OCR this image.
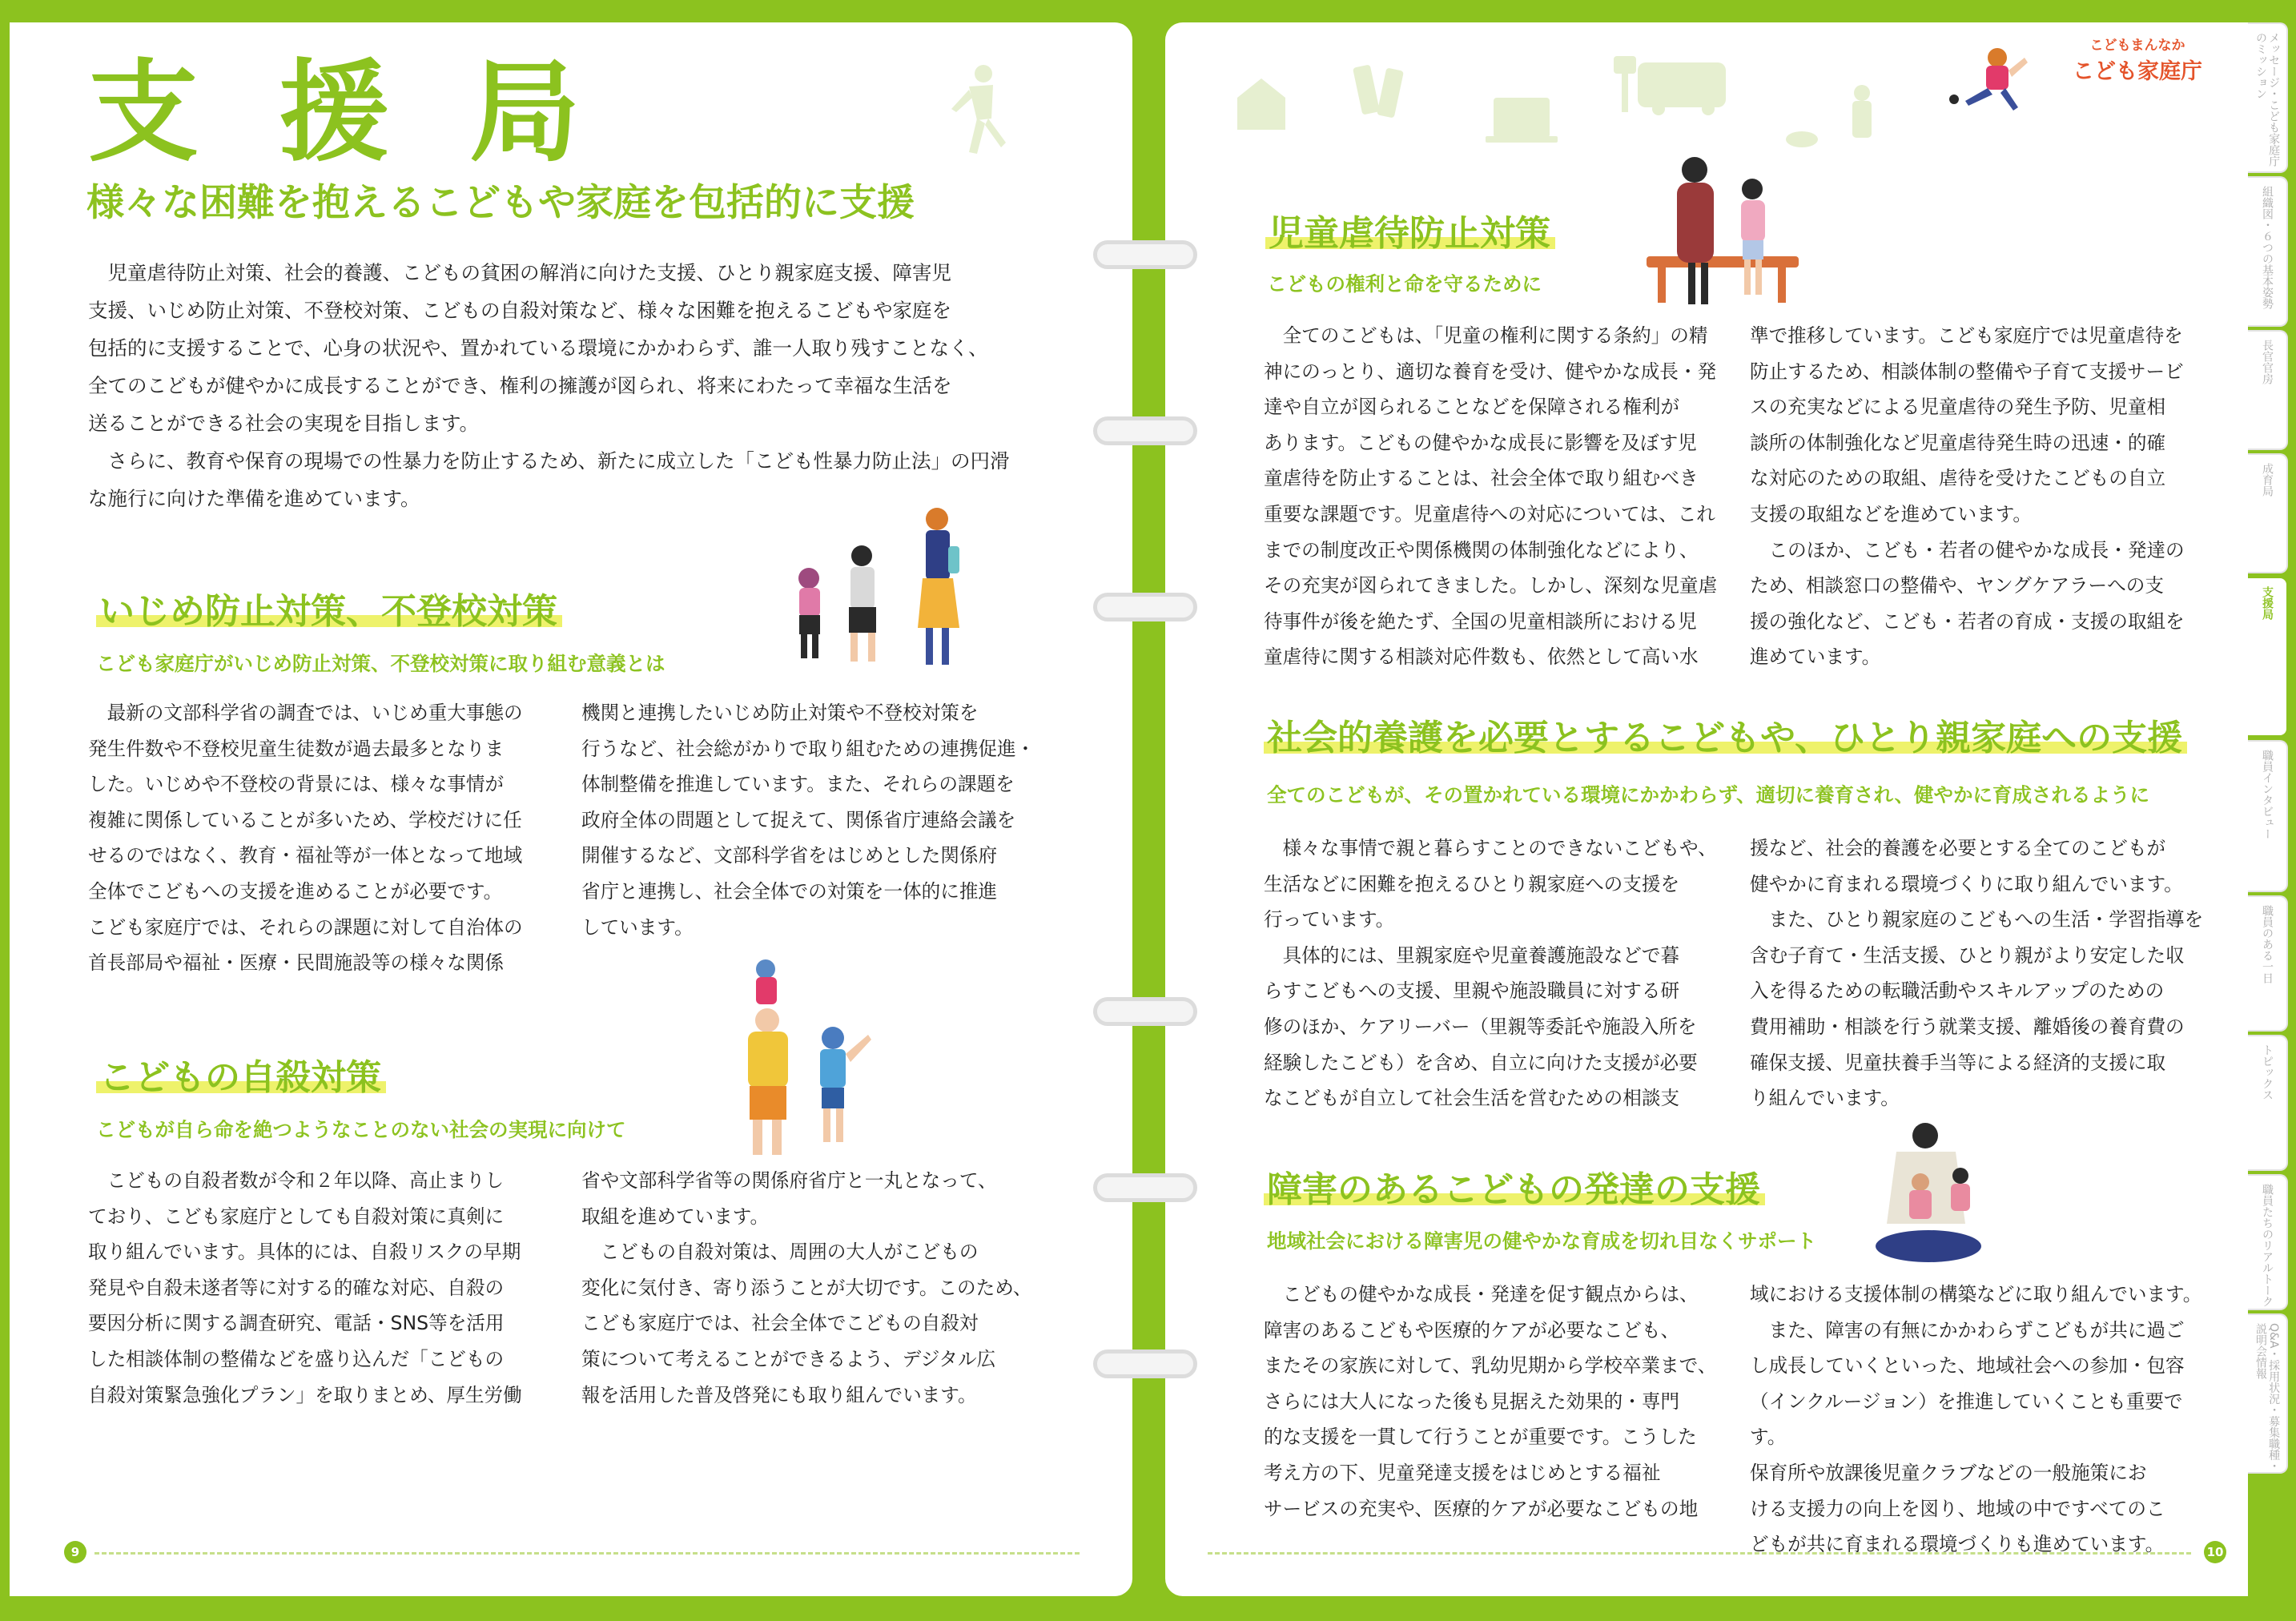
支 援 局
様々な困難を抱えるこどもや家庭を包括的に支援
　児童虐待防止対策、社会的養護、こどもの貧困の解消に向けた支援、ひとり親家庭支援、障害児
支援、いじめ防止対策、不登校対策、こどもの自殺対策など、様々な困難を抱えるこどもや家庭を
包括的に支援することで、心身の状況や、置かれている環境にかかわらず、誰一人取り残すことなく、
全てのこどもが健やかに成長することができ、権利の擁護が図られ、将来にわたって幸福な生活を
送ることができる社会の実現を目指します。
　さらに、教育や保育の現場での性暴力を防止するため、新たに成立した「こども性暴力防止法」の円滑
な施行に向けた準備を進めています。
いじめ防止対策、不登校対策
こども家庭庁がいじめ防止対策、不登校対策に取り組む意義とは
　最新の文部科学省の調査では、いじめ重大事態の
発生件数や不登校児童生徒数が過去最多となりま
した。いじめや不登校の背景には、様々な事情が
複雑に関係していることが多いため、学校だけに任
せるのではなく、教育・福祉等が一体となって地域
全体でこどもへの支援を進めることが必要です。
こども家庭庁では、それらの課題に対して自治体の
首長部局や福祉・医療・民間施設等の様々な関係
機関と連携したいじめ防止対策や不登校対策を
行うなど、社会総がかりで取り組むための連携促進・
体制整備を推進しています。また、それらの課題を
政府全体の問題として捉えて、関係省庁連絡会議を
開催するなど、文部科学省をはじめとした関係府
省庁と連携し、社会全体での対策を一体的に推進
しています。
こどもの自殺対策
こどもが自ら命を絶つようなことのない社会の実現に向けて
　こどもの自殺者数が令和２年以降、高止まりし
ており、こども家庭庁としても自殺対策に真剣に
取り組んでいます。具体的には、自殺リスクの早期
発見や自殺未遂者等に対する的確な対応、自殺の
要因分析に関する調査研究、電話・SNS等を活用
した相談体制の整備などを盛り込んだ「こどもの
自殺対策緊急強化プラン」を取りまとめ、厚生労働
省や文部科学省等の関係府省庁と一丸となって、
取組を進めています。
　こどもの自殺対策は、周囲の大人がこどもの
変化に気付き、寄り添うことが大切です。このため、
こども家庭庁では、社会全体でこどもの自殺対
策について考えることができるよう、デジタル広
報を活用した普及啓発にも取り組んでいます。
9
こどもまんなか
こども家庭庁
児童虐待防止対策
こどもの権利と命を守るために
　全てのこどもは、「児童の権利に関する条約」の精
神にのっとり、適切な養育を受け、健やかな成長・発
達や自立が図られることなどを保障される権利が
あります。こどもの健やかな成長に影響を及ぼす児
童虐待を防止することは、社会全体で取り組むべき
重要な課題です。児童虐待への対応については、これ
までの制度改正や関係機関の体制強化などにより、
その充実が図られてきました。しかし、深刻な児童虐
待事件が後を絶たず、全国の児童相談所における児
童虐待に関する相談対応件数も、依然として高い水
準で推移しています。こども家庭庁では児童虐待を
防止するため、相談体制の整備や子育て支援サービ
スの充実などによる児童虐待の発生予防、児童相
談所の体制強化など児童虐待発生時の迅速・的確
な対応のための取組、虐待を受けたこどもの自立
支援の取組などを進めています。
　このほか、こども・若者の健やかな成長・発達の
ため、相談窓口の整備や、ヤングケアラーへの支
援の強化など、こども・若者の育成・支援の取組を
進めています。
社会的養護を必要とするこどもや、ひとり親家庭への支援
全てのこどもが、その置かれている環境にかかわらず、適切に養育され、健やかに育成されるように
　様々な事情で親と暮らすことのできないこどもや、
生活などに困難を抱えるひとり親家庭への支援を
行っています。
　具体的には、里親家庭や児童養護施設などで暮
らすこどもへの支援、里親や施設職員に対する研
修のほか、ケアリーバー（里親等委託や施設入所を
経験したこども）を含め、自立に向けた支援が必要
なこどもが自立して社会生活を営むための相談支
援など、社会的養護を必要とする全てのこどもが
健やかに育まれる環境づくりに取り組んでいます。
　また、ひとり親家庭のこどもへの生活・学習指導を
含む子育て・生活支援、ひとり親がより安定した収
入を得るための転職活動やスキルアップのための
費用補助・相談を行う就業支援、離婚後の養育費の
確保支援、児童扶養手当等による経済的支援に取
り組んでいます。
障害のあるこどもの発達の支援
地域社会における障害児の健やかな育成を切れ目なくサポート
　こどもの健やかな成長・発達を促す観点からは、
障害のあるこどもや医療的ケアが必要なこども、
またその家族に対して、乳幼児期から学校卒業まで、
さらには大人になった後も見据えた効果的・専門
的な支援を一貫して行うことが重要です。こうした
考え方の下、児童発達支援をはじめとする福祉
サービスの充実や、医療的ケアが必要なこどもの地
域における支援体制の構築などに取り組んでいます。
　また、障害の有無にかかわらずこどもが共に過ご
し成長していくといった、地域社会への参加・包容
（インクルージョン）を推進していくことも重要です。
保育所や放課後児童クラブなどの一般施策にお
ける支援力の向上を図り、地域の中ですべてのこ
どもが共に育まれる環境づくりも進めています。	10
メッセージ・こども家庭庁のミッション
組織図・６つの基本姿勢
長官官房
成育局
支援局
職員インタビュー
職員のある一日
トピックス
職員たちのリアルトーク
Q&A・採用状況・募集職種・説明会情報
